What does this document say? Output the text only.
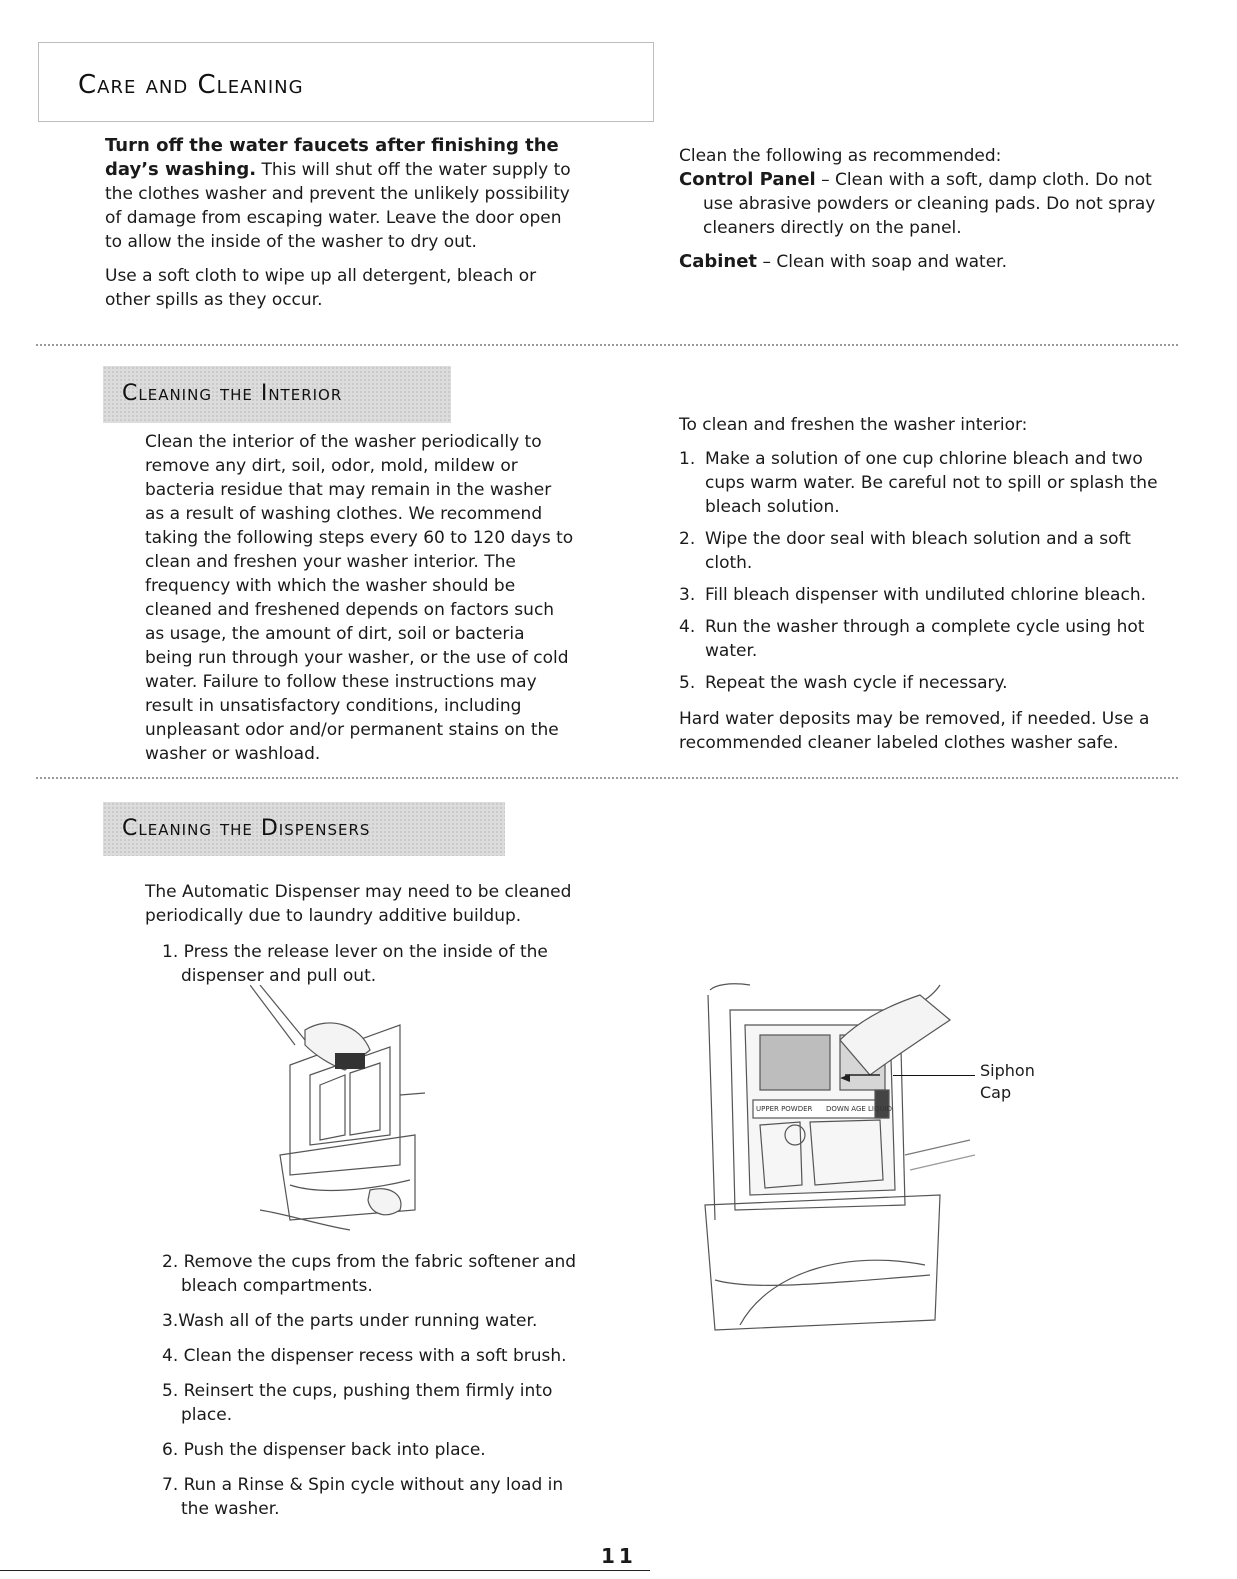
Care and Cleaning

Turn off the water faucets after finishing the day’s washing. This will shut off the water supply to the clothes washer and prevent the unlikely possibility of damage from escaping water. Leave the door open to allow the inside of the washer to dry out.

Use a soft cloth to wipe up all detergent, bleach or other spills as they occur.

Clean the following as recommended:

Control Panel – Clean with a soft, damp cloth. Do not use abrasive powders or cleaning pads. Do not spray cleaners directly on the panel.

Cabinet – Clean with soap and water.

Cleaning the Interior

Clean the interior of the washer periodically to remove any dirt, soil, odor, mold, mildew or bacteria residue that may remain in the washer as a result of washing clothes. We recommend taking the following steps every 60 to 120 days to clean and freshen your washer interior. The frequency with which the washer should be cleaned and freshened depends on factors such as usage, the amount of dirt, soil or bacteria being run through your washer, or the use of cold water. Failure to follow these instructions may result in unsatisfactory conditions, including unpleasant odor and/or permanent stains on the washer or washload.

To clean and freshen the washer interior:

1. Make a solution of one cup chlorine bleach and two cups warm water. Be careful not to spill or splash the bleach solution.
2. Wipe the door seal with bleach solution and a soft cloth.
3. Fill bleach dispenser with undiluted chlorine bleach.
4. Run the washer through a complete cycle using hot water.
5. Repeat the wash cycle if necessary.

Hard water deposits may be removed, if needed. Use a recommended cleaner labeled clothes washer safe.

Cleaning the Dispensers

The Automatic Dispenser may need to be cleaned periodically due to laundry additive buildup.

1. Press the release lever on the inside of the dispenser and pull out.

UPPER POWDER DOWN AGE LIQUID
Siphon
Cap

2. Remove the cups from the fabric softener and bleach compartments.

3.Wash all of the parts under running water.

4. Clean the dispenser recess with a soft brush.

5. Reinsert the cups, pushing them firmly into place.

6. Push the dispenser back into place.

7. Run a Rinse & Spin cycle without any load in the washer.

11
